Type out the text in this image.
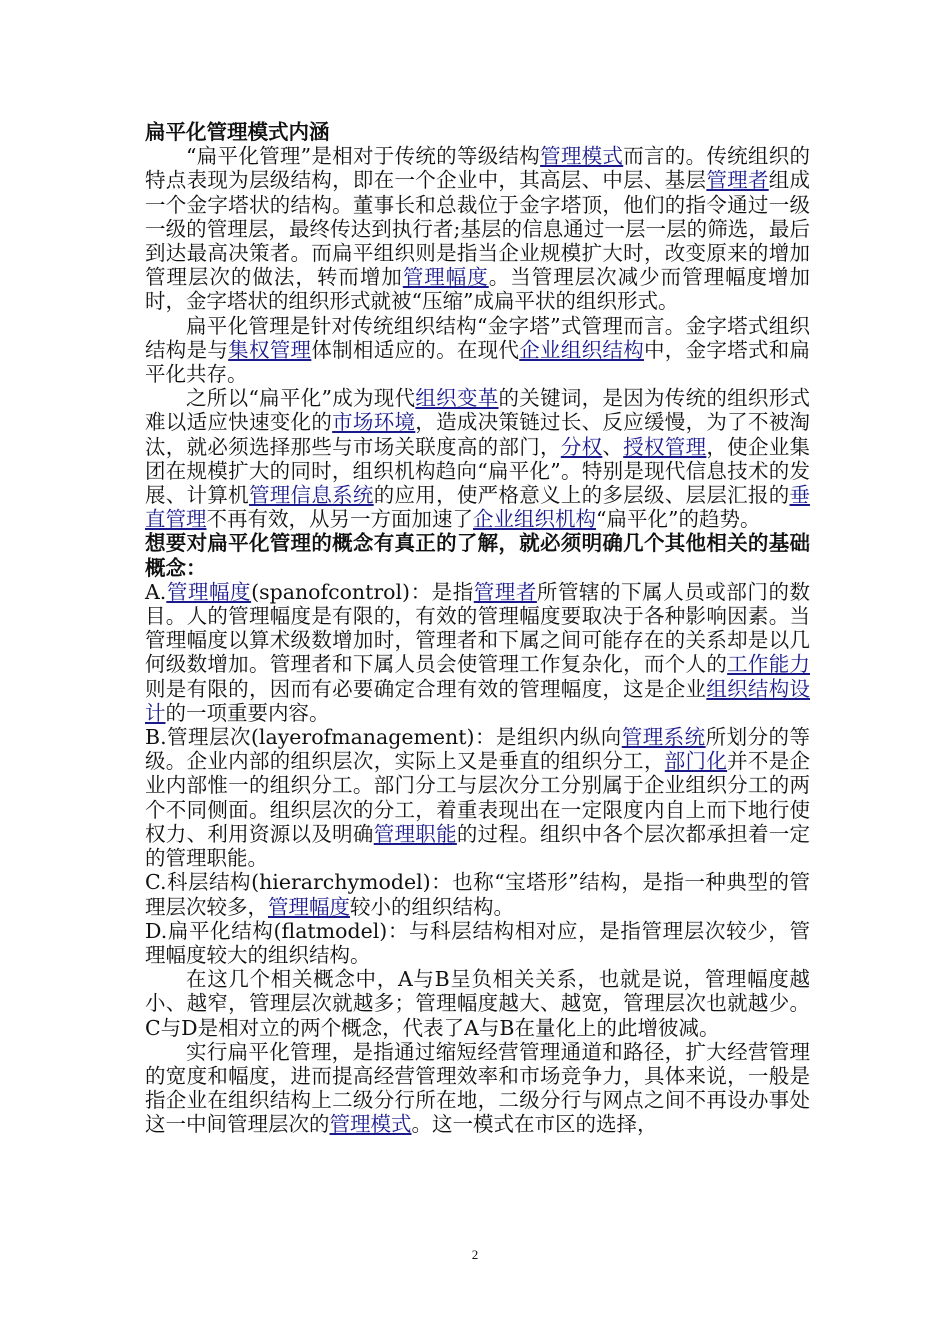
扁平化管理模式内涵

“扁平化管理”是相对于传统的等级结构管理模式而言的。传统组织的特点表现为层级结构，即在一个企业中，其高层、中层、基层管理者组成一个金字塔状的结构。董事长和总裁位于金字塔顶，他们的指令通过一级一级的管理层，最终传达到执行者;基层的信息通过一层一层的筛选，最后到达最高决策者。而扁平组织则是指当企业规模扩大时，改变原来的增加管理层次的做法，转而增加管理幅度。当管理层次减少而管理幅度增加时，金字塔状的组织形式就被“压缩”成扁平状的组织形式。

扁平化管理是针对传统组织结构“金字塔”式管理而言。金字塔式组织结构是与集权管理体制相适应的。在现代企业组织结构中，金字塔式和扁平化共存。

之所以“扁平化”成为现代组织变革的关键词，是因为传统的组织形式难以适应快速变化的市场环境，造成决策链过长、反应缓慢，为了不被淘汰，就必须选择那些与市场关联度高的部门，分权、授权管理，使企业集团在规模扩大的同时，组织机构趋向“扁平化”。特别是现代信息技术的发展、计算机管理信息系统的应用，使严格意义上的多层级、层层汇报的垂直管理不再有效，从另一方面加速了企业组织机构“扁平化”的趋势。

想要对扁平化管理的概念有真正的了解，就必须明确几个其他相关的基础概念：

A.管理幅度(spanofcontrol)：是指管理者所管辖的下属人员或部门的数目。人的管理幅度是有限的，有效的管理幅度要取决于各种影响因素。当管理幅度以算术级数增加时，管理者和下属之间可能存在的关系却是以几何级数增加。管理者和下属人员会使管理工作复杂化，而个人的工作能力则是有限的，因而有必要确定合理有效的管理幅度，这是企业组织结构设计的一项重要内容。

B.管理层次(layerofmanagement)：是组织内纵向管理系统所划分的等级。企业内部的组织层次，实际上又是垂直的组织分工，部门化并不是企业内部惟一的组织分工。部门分工与层次分工分别属于企业组织分工的两个不同侧面。组织层次的分工，着重表现出在一定限度内自上而下地行使权力、利用资源以及明确管理职能的过程。组织中各个层次都承担着一定的管理职能。

C.科层结构(hierarchymodel)：也称“宝塔形”结构，是指一种典型的管理层次较多，管理幅度较小的组织结构。

D.扁平化结构(flatmodel)：与科层结构相对应，是指管理层次较少，管理幅度较大的组织结构。

在这几个相关概念中，A与B呈负相关关系，也就是说，管理幅度越小、越窄，管理层次就越多；管理幅度越大、越宽，管理层次也就越少。C与D是相对立的两个概念，代表了A与B在量化上的此增彼减。

实行扁平化管理，是指通过缩短经营管理通道和路径，扩大经营管理的宽度和幅度，进而提高经营管理效率和市场竞争力，具体来说，一般是指企业在组织结构上二级分行所在地，二级分行与网点之间不再设办事处这一中间管理层次的管理模式。这一模式在市区的选择，

2
